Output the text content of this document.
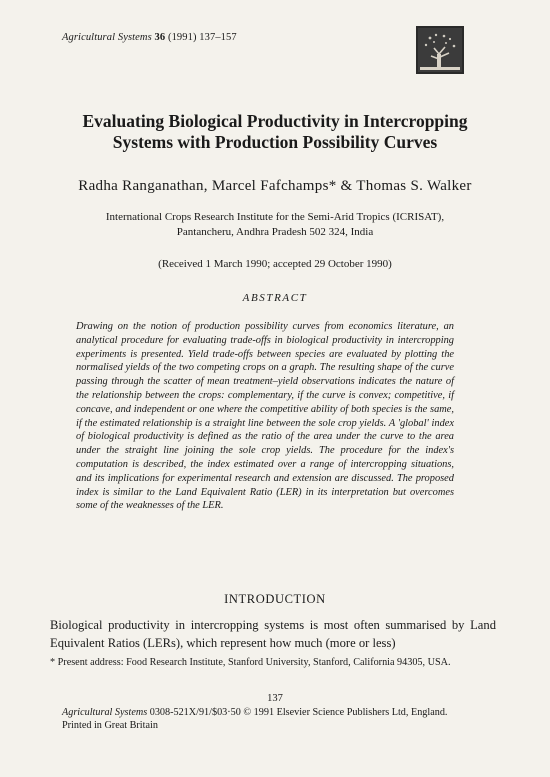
Agricultural Systems 36 (1991) 137–157
Evaluating Biological Productivity in Intercropping
Systems with Production Possibility Curves
Radha Ranganathan, Marcel Fafchamps* & Thomas S. Walker
International Crops Research Institute for the Semi-Arid Tropics (ICRISAT),
Pantancheru, Andhra Pradesh 502 324, India
(Received 1 March 1990; accepted 29 October 1990)
ABSTRACT
Drawing on the notion of production possibility curves from economics literature, an analytical procedure for evaluating trade-offs in biological productivity in intercropping experiments is presented. Yield trade-offs between species are evaluated by plotting the normalised yields of the two competing crops on a graph. The resulting shape of the curve passing through the scatter of mean treatment–yield observations indicates the nature of the relationship between the crops: complementary, if the curve is convex; competitive, if concave, and independent or one where the competitive ability of both species is the same, if the estimated relationship is a straight line between the sole crop yields. A 'global' index of biological productivity is defined as the ratio of the area under the curve to the area under the straight line joining the sole crop yields. The procedure for the index's computation is described, the index estimated over a range of intercropping situations, and its implications for experimental research and extension are discussed. The proposed index is similar to the Land Equivalent Ratio (LER) in its interpretation but overcomes some of the weaknesses of the LER.
INTRODUCTION
Biological productivity in intercropping systems is most often summarised by Land Equivalent Ratios (LERs), which represent how much (more or less)
* Present address: Food Research Institute, Stanford University, Stanford, California 94305, USA.
137
Agricultural Systems 0308-521X/91/$03·50 © 1991 Elsevier Science Publishers Ltd, England.
Printed in Great Britain
